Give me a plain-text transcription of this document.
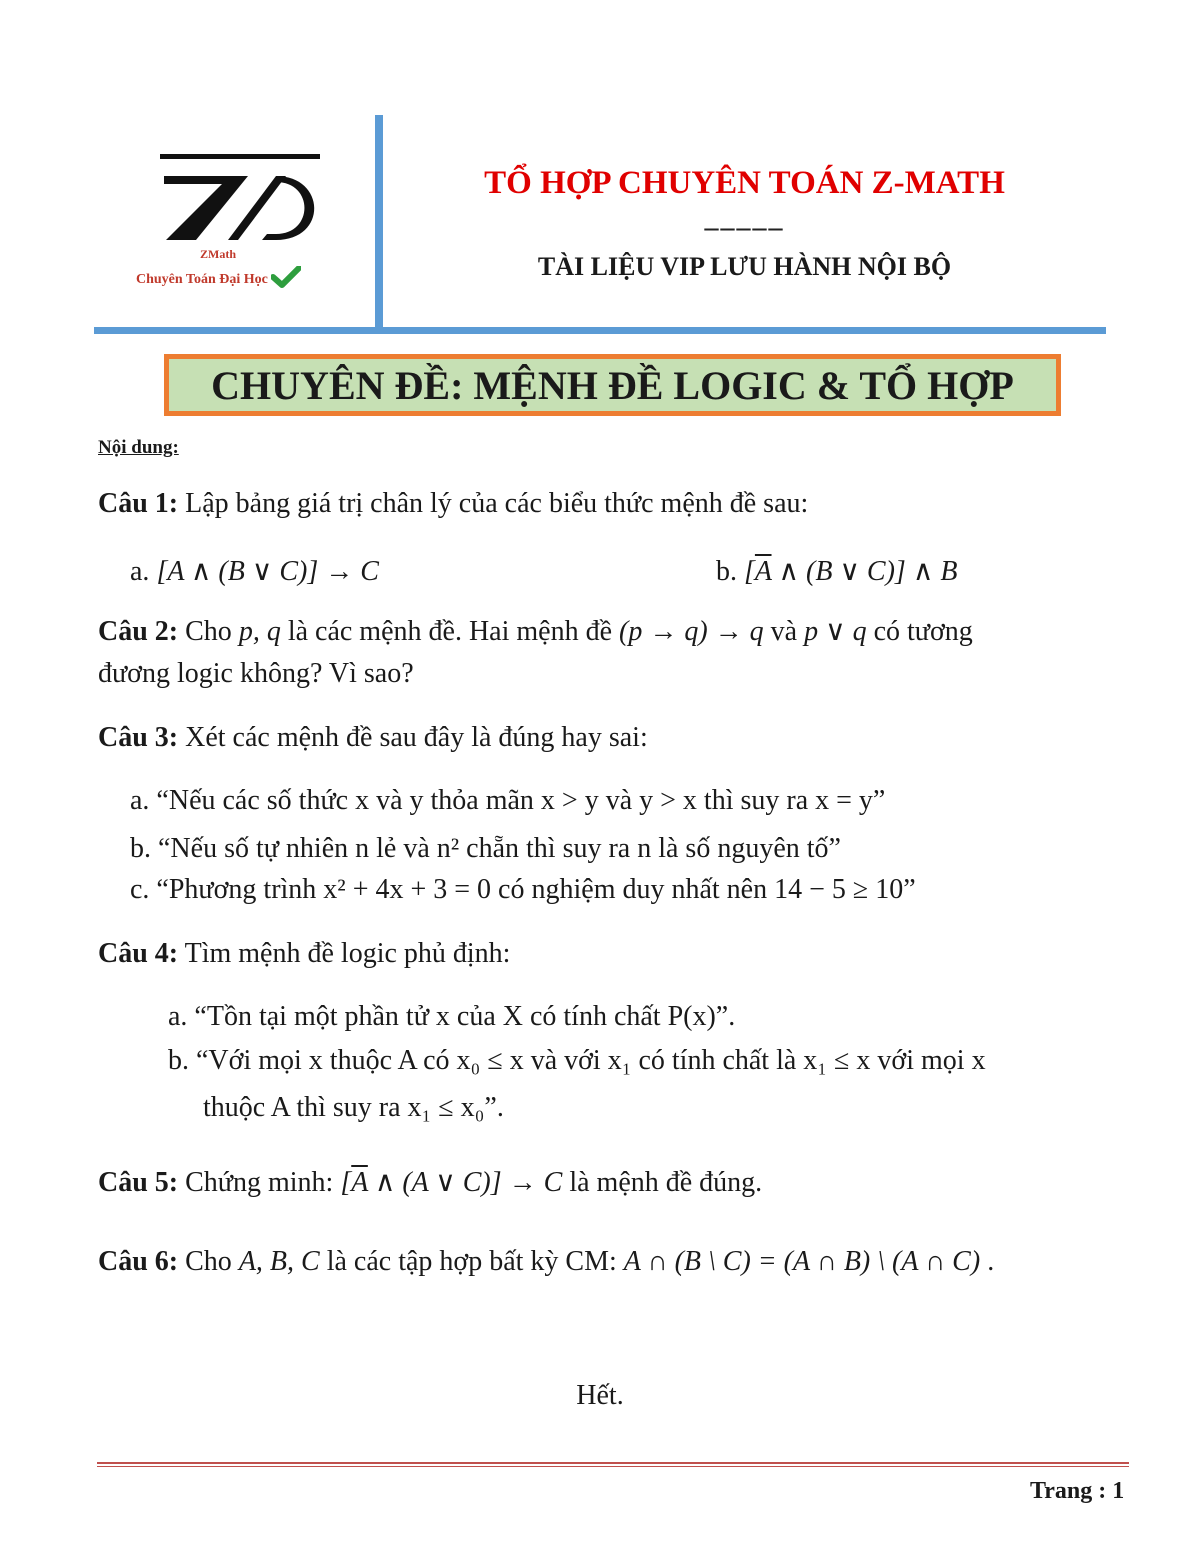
ZMath
Chuyên Toán Đại Học
TỔ HỢP CHUYÊN TOÁN Z-MATH
–––––
TÀI LIỆU VIP LƯU HÀNH NỘI BỘ
CHUYÊN ĐỀ: MỆNH ĐỀ LOGIC & TỔ HỢP
Nội dung:
Câu 1: Lập bảng giá trị chân lý của các biểu thức mệnh đề sau:
a. [A ∧ (B ∨ C)] → C	b. [$\overline{A}$ ∧ (B ∨ C)] ∧ B
Câu 2: Cho p, q là các mệnh đề. Hai mệnh đề (p → q) → q và p ∨ q có tương
đương logic không? Vì sao?
Câu 3: Xét các mệnh đề sau đây là đúng hay sai:
a. “Nếu các số thức x và y thỏa mãn x > y và y > x thì suy ra x = y”
b. “Nếu số tự nhiên n lẻ và n² chẵn thì suy ra n là số nguyên tố”
c. “Phương trình x² + 4x + 3 = 0 có nghiệm duy nhất nên 14 − 5 ≥ 10”
Câu 4: Tìm mệnh đề logic phủ định:
a. “Tồn tại một phần tử x của X có tính chất P(x)”.
b. “Với mọi x thuộc A có x₀ ≤ x và với x₁ có tính chất là x₁ ≤ x với mọi x
thuộc A thì suy ra x₁ ≤ x₀”.
Câu 5: Chứng minh: [$\overline{A}$ ∧ (A ∨ C)] → C là mệnh đề đúng.
Câu 6: Cho A, B, C là các tập hợp bất kỳ CM: A ∩ (B \ C) = (A ∩ B) \ (A ∩ C) .
Hết.
Trang : 1
